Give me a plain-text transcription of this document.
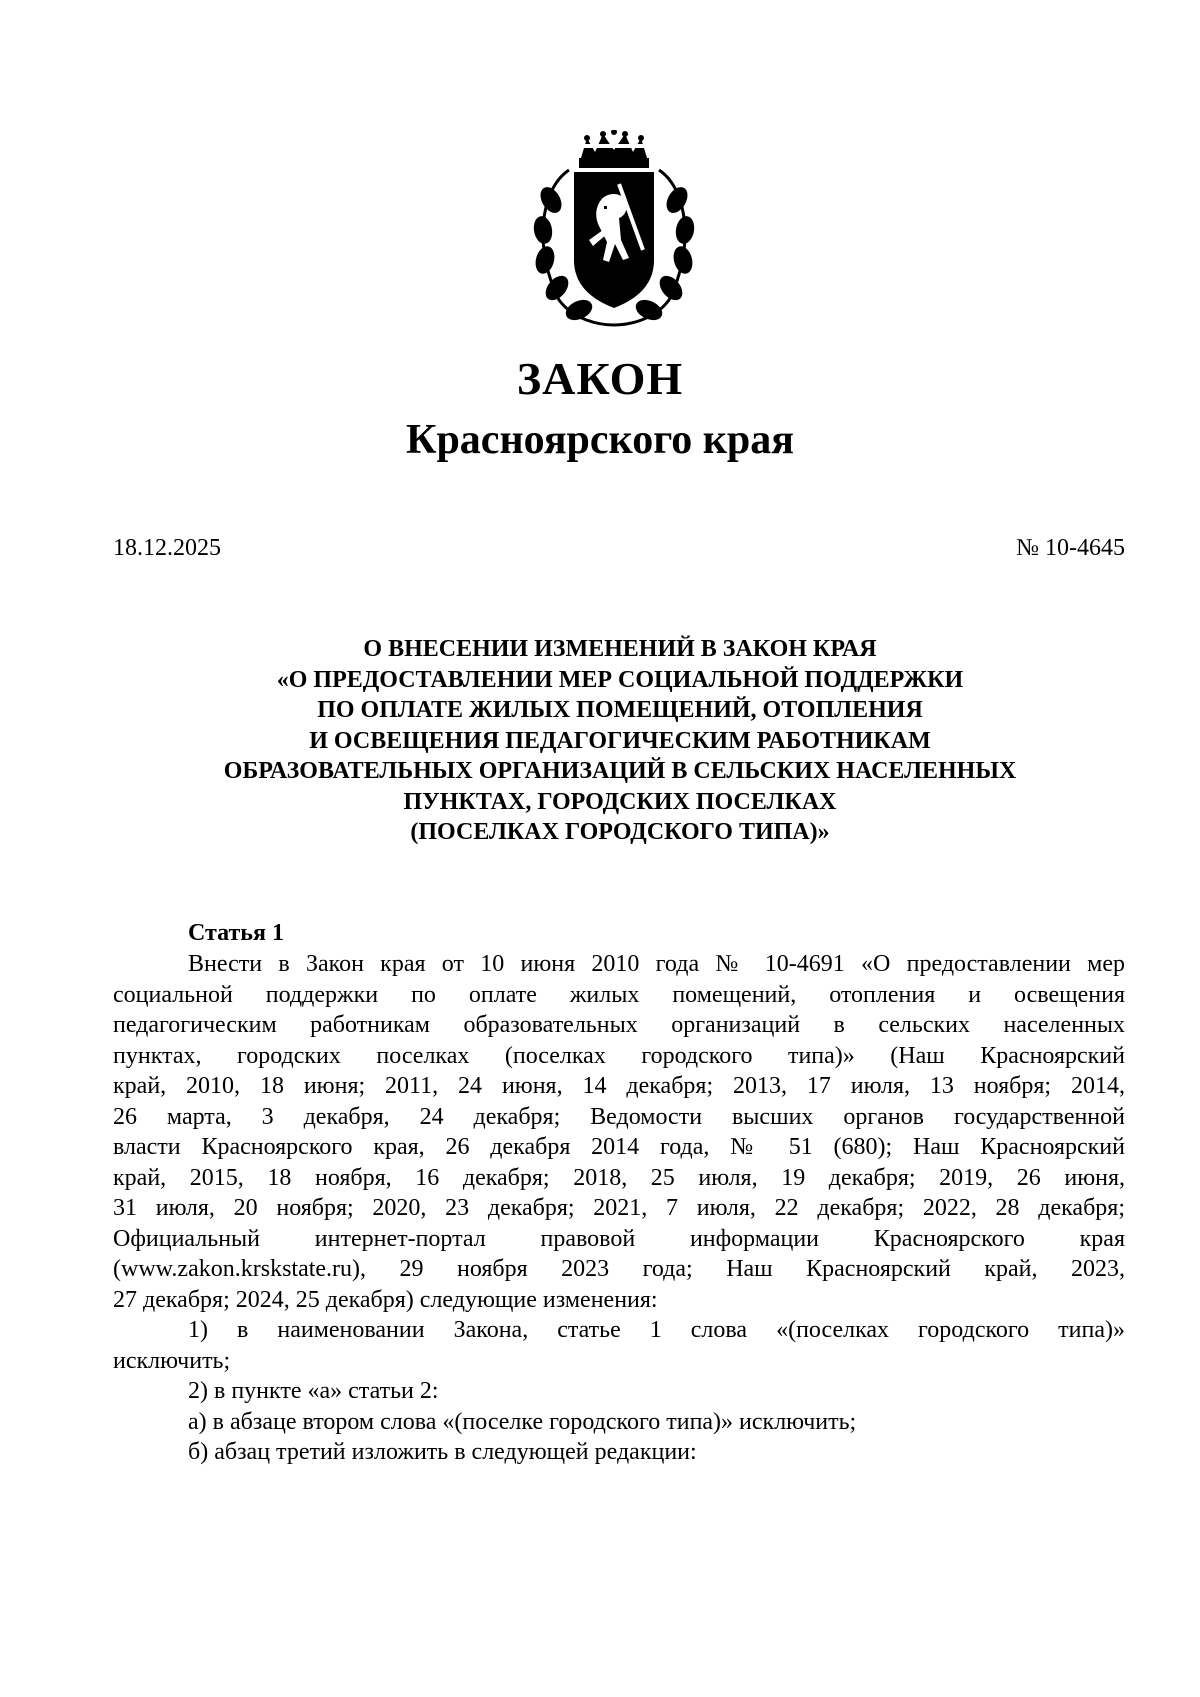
ЗАКОН
Красноярского края
18.12.2025	№ 10-4645
О ВНЕСЕНИИ ИЗМЕНЕНИЙ В ЗАКОН КРАЯ
«О ПРЕДОСТАВЛЕНИИ МЕР СОЦИАЛЬНОЙ ПОДДЕРЖКИ
ПО ОПЛАТЕ ЖИЛЫХ ПОМЕЩЕНИЙ, ОТОПЛЕНИЯ
И ОСВЕЩЕНИЯ ПЕДАГОГИЧЕСКИМ РАБОТНИКАМ
ОБРАЗОВАТЕЛЬНЫХ ОРГАНИЗАЦИЙ В СЕЛЬСКИХ НАСЕЛЕННЫХ
ПУНКТАХ, ГОРОДСКИХ ПОСЕЛКАХ
(ПОСЕЛКАХ ГОРОДСКОГО ТИПА)»
Статья 1
Внести в Закон края от 10 июня 2010 года № 10-4691 «О предоставлении мер
социальной поддержки по оплате жилых помещений, отопления и освещения
педагогическим работникам образовательных организаций в сельских населенных
пунктах, городских поселках (поселках городского типа)» (Наш Красноярский
край, 2010, 18 июня; 2011, 24 июня, 14 декабря; 2013, 17 июля, 13 ноября; 2014,
26 марта, 3 декабря, 24 декабря; Ведомости высших органов государственной
власти Красноярского края, 26 декабря 2014 года, № 51 (680); Наш Красноярский
край, 2015, 18 ноября, 16 декабря; 2018, 25 июля, 19 декабря; 2019, 26 июня,
31 июля, 20 ноября; 2020, 23 декабря; 2021, 7 июля, 22 декабря; 2022, 28 декабря;
Официальный интернет-портал правовой информации Красноярского края
(www.zakon.krskstate.ru), 29 ноября 2023 года; Наш Красноярский край, 2023,
27 декабря; 2024, 25 декабря) следующие изменения:
1) в наименовании Закона, статье 1 слова «(поселках городского типа)»
исключить;
2) в пункте «а» статьи 2:
а) в абзаце втором слова «(поселке городского типа)» исключить;
б) абзац третий изложить в следующей редакции:
